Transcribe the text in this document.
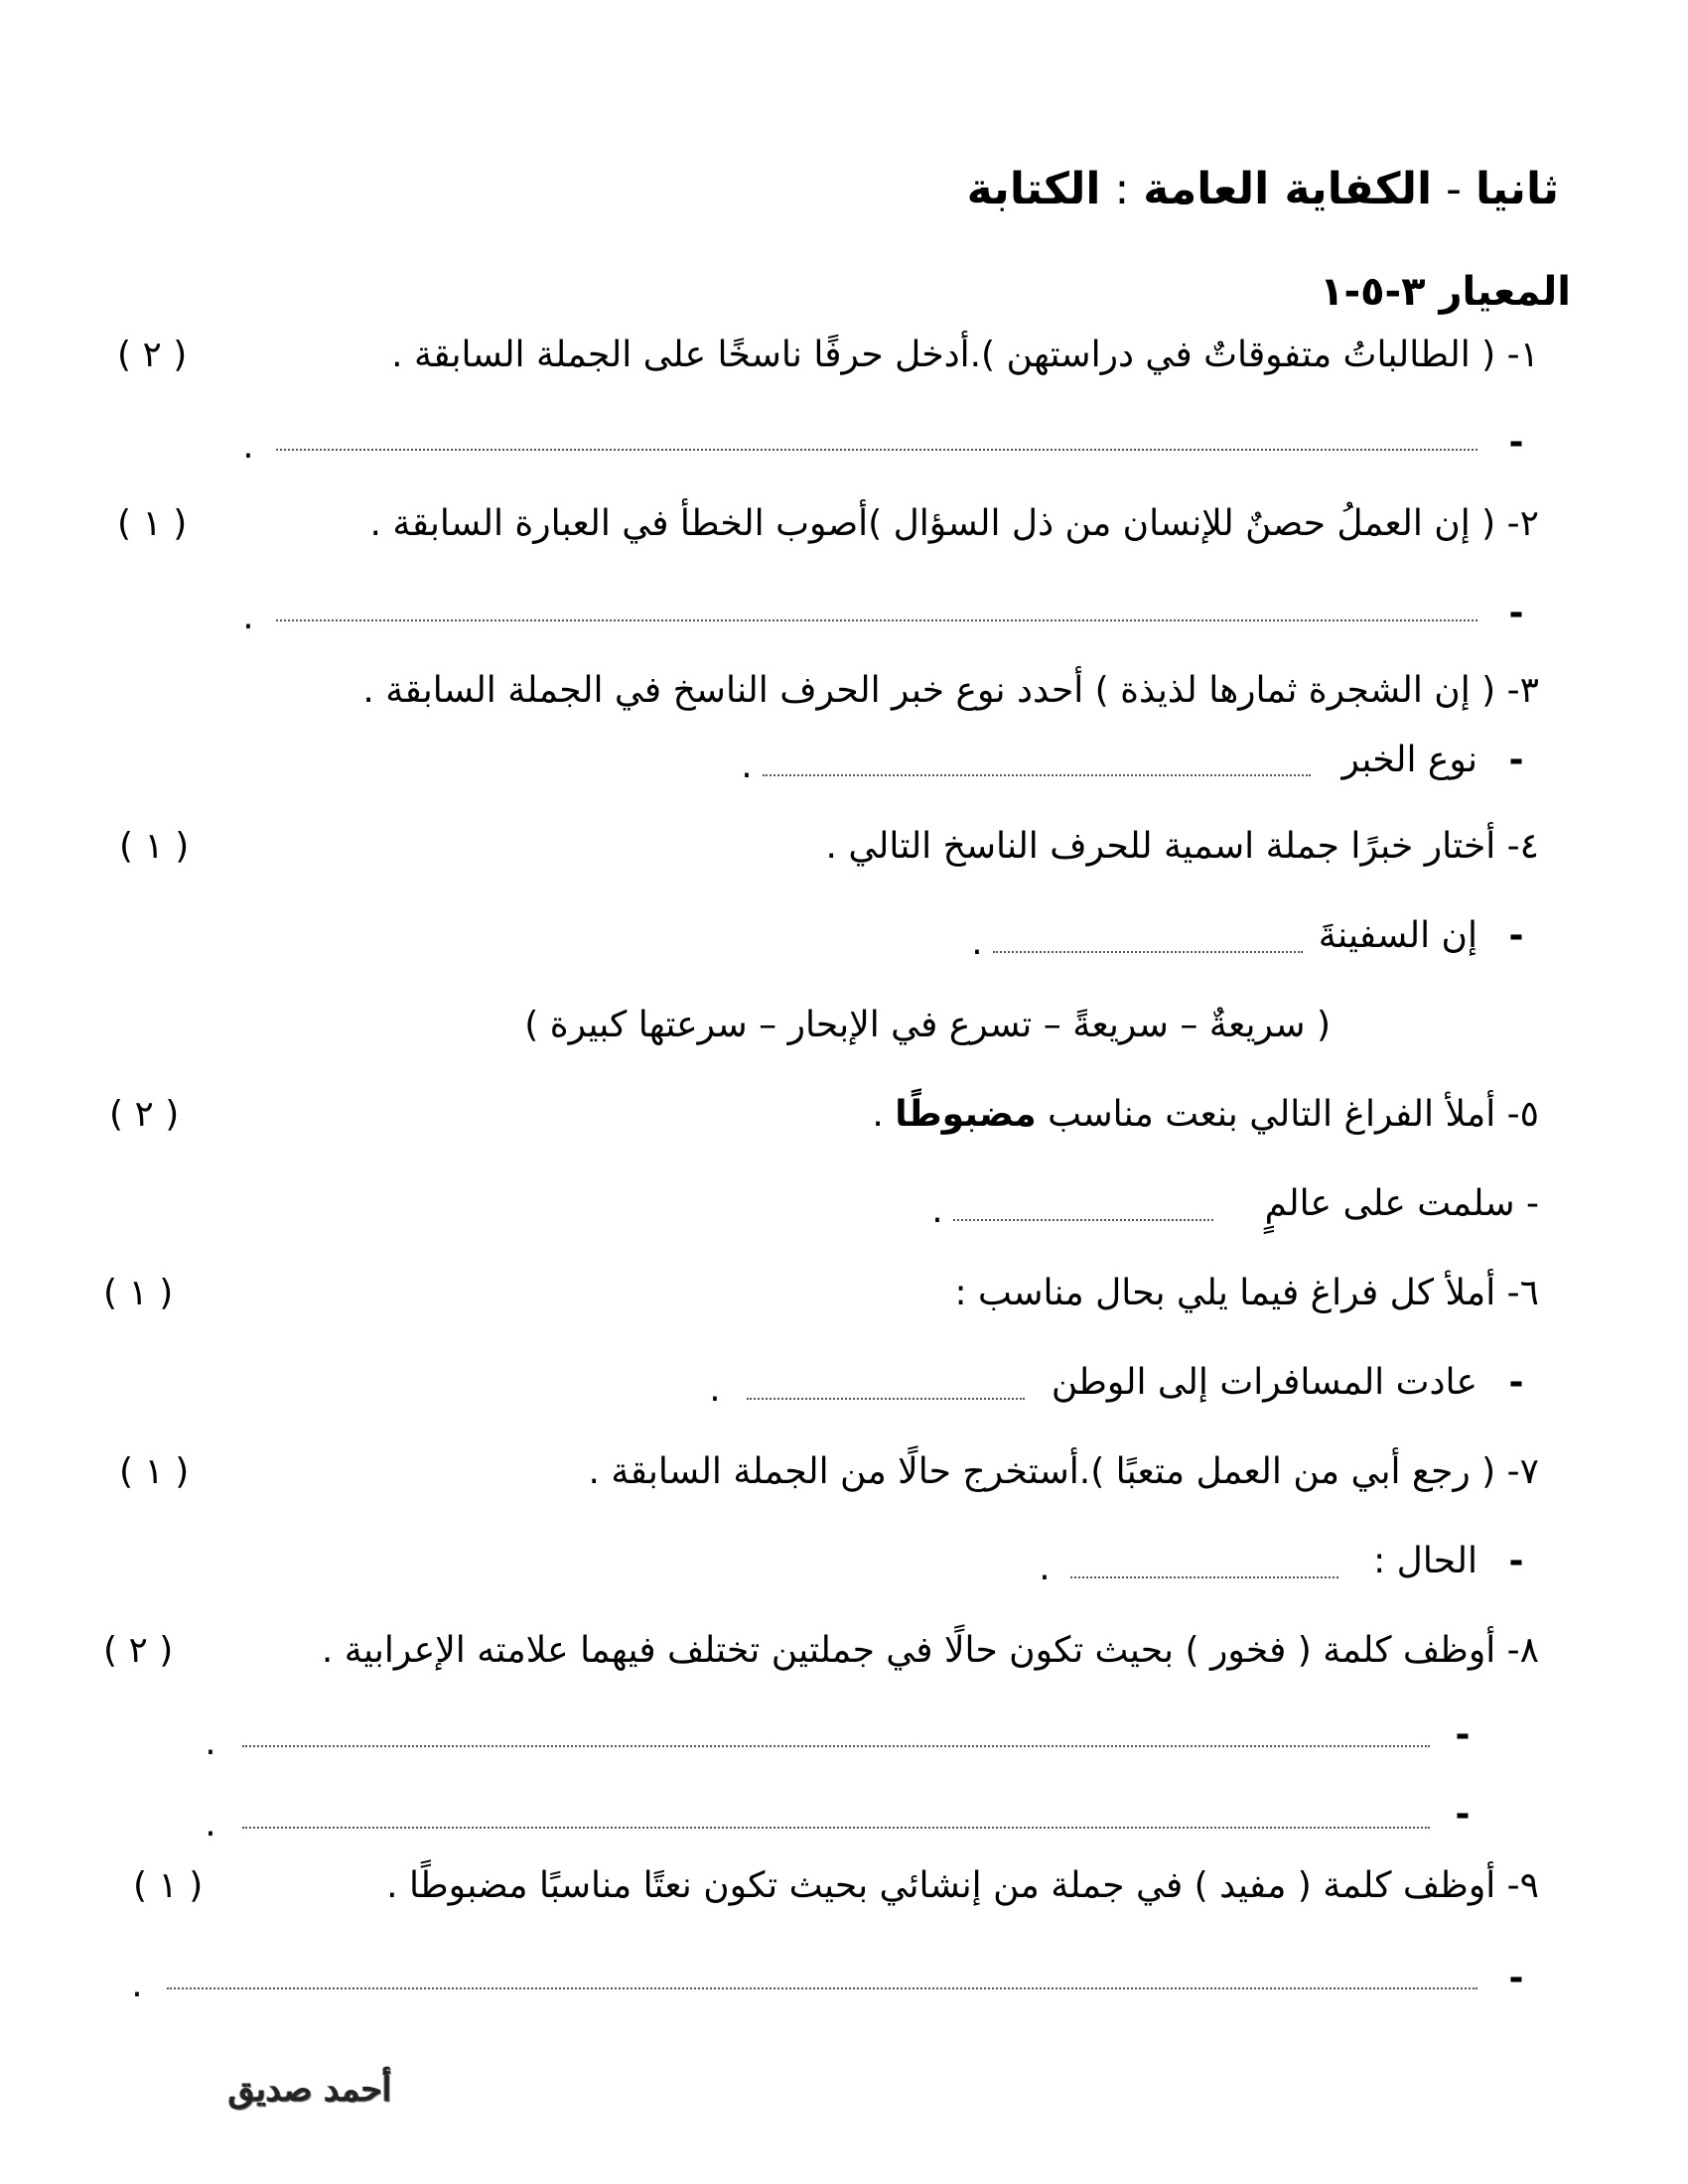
ثانيا - الكفاية العامة : الكتابة
المعيار ٣-٥-١
١- ( الطالباتُ متفوقاتٌ في دراستهن ).أدخل حرفًا ناسخًا على الجملة السابقة .
( ٢ )
-
.
٢- ( إن العملُ حصنٌ للإنسان من ذل السؤال )أصوب الخطأ في العبارة السابقة .
( ١ )
-
.
٣- ( إن الشجرة ثمارها لذيذة ) أحدد نوع خبر الحرف الناسخ في الجملة السابقة .
-
نوع الخبر
.
٤- أختار خبرًا جملة اسمية للحرف الناسخ التالي .
( ١ )
-
إن السفينةَ
.
( سريعةٌ – سريعةً – تسرع في الإبحار – سرعتها كبيرة )
٥- أملأ الفراغ التالي بنعت مناسب مضبوطًا .
( ٢ )
- سلمت على عالمٍ
.
٦- أملأ كل فراغ فيما يلي بحال مناسب :
( ١ )
-
عادت المسافرات إلى الوطن
.
٧- ( رجع أبي من العمل متعبًا ).أستخرج حالًا من الجملة السابقة .
( ١ )
-
الحال :
.
٨- أوظف كلمة ( فخور ) بحيث تكون حالًا في جملتين تختلف فيهما علامته الإعرابية .
( ٢ )
-
.
-
.
٩- أوظف كلمة ( مفيد ) في جملة من إنشائي بحيث تكون نعتًا مناسبًا مضبوطًا .
( ١ )
-
.
أحمد صديق
